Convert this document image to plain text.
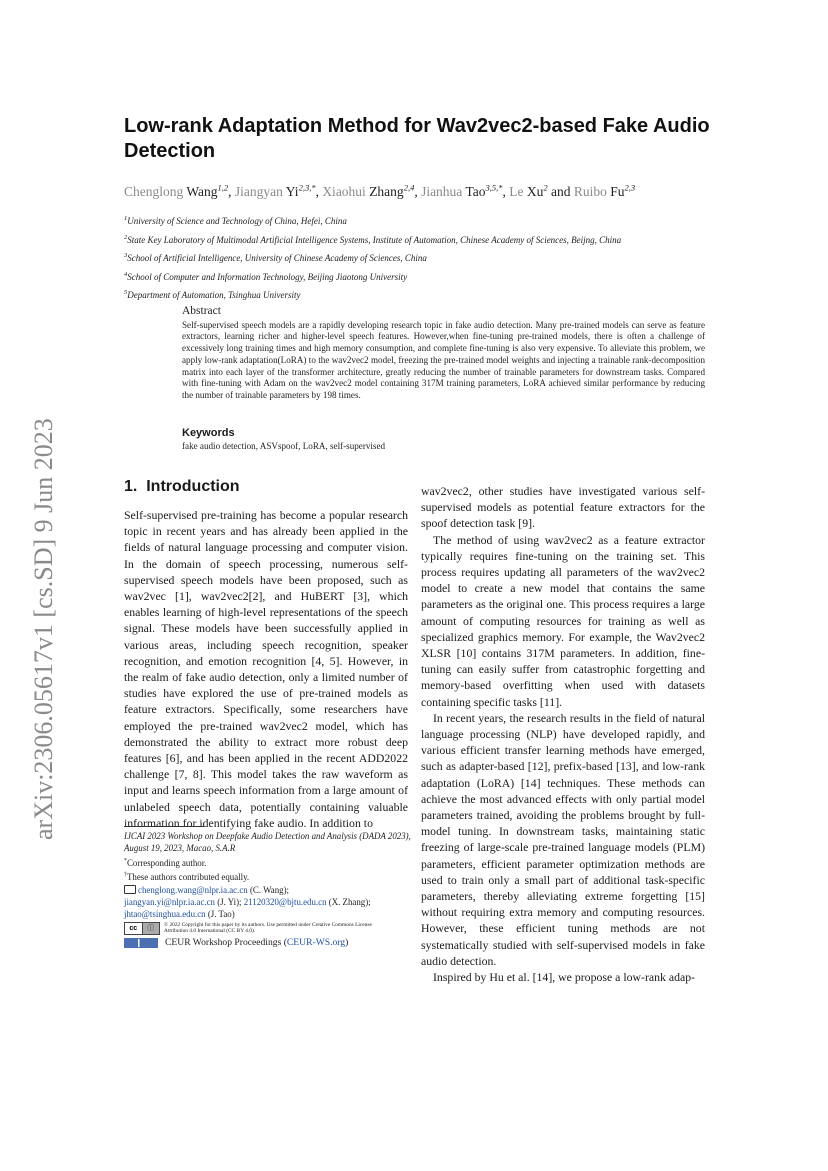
arXiv:2306.05617v1 [cs.SD] 9 Jun 2023
Low-rank Adaptation Method for Wav2vec2-based Fake Audio Detection
Chenglong Wang$^{1,2}$, Jiangyan $Yi^{2,3,*}$, Xiaohui Zhang$^{2,4}$, Jianhua Tao$^{3,5,*}$, Le Xu$^2$ and Ruibo Fu$^{2,3}$
$^1$University of Science and Technology of China, Hefei, China
$^2$State Key Laboratory of Multimodal Artificial Intelligence Systems, Institute of Automation, Chinese Academy of Sciences, Beijng, China
$^3$School of Artificial Intelligence, University of Chinese Academy of Sciences, China
$^4$School of Computer and Information Technology, Beijing Jiaotong University
$^5$Department of Automation, Tsinghua University
Abstract
Self-supervised speech models are a rapidly developing research topic in fake audio detection. Many pre-trained models can serve as feature extractors, learning richer and higher-level speech features. However,when fine-tuning pre-trained models, there is often a challenge of excessively long training times and high memory consumption, and complete fine-tuning is also very expensive. To alleviate this problem, we apply low-rank adaptation(LoRA) to the wav2vec2 model, freezing the pre-trained model weights and injecting a trainable rank-decomposition matrix into each layer of the transformer architecture, greatly reducing the number of trainable parameters for downstream tasks. Compared with fine-tuning with Adam on the wav2vec2 model containing 317M training parameters, LoRA achieved similar performance by reducing the number of trainable parameters by 198 times.
Keywords
fake audio detection, ASVspoof, LoRA, self-supervised
1. Introduction

Self-supervised pre-training has become a popular research topic in recent years and has already been applied in the fields of natural language processing and computer vision. In the domain of speech processing, numerous self-supervised speech models have been proposed, such as wav2vec [1], wav2vec2[2], and HuBERT [3], which enables learning of high-level representations of the speech signal. These models have been successfully applied in various areas, including speech recognition, speaker recognition, and emotion recognition [4, 5]. However, in the realm of fake audio detection, only a limited number of studies have explored the use of pre-trained models as feature extractors. Specifically, some researchers have employed the pre-trained wav2vec2 model, which has demonstrated the ability to extract more robust deep features [6], and has been applied in the recent ADD2022 challenge [7, 8]. This model takes the raw waveform as input and learns speech information from a large amount of unlabeled speech data, potentially containing valuable information for identifying fake audio. In addition to

wav2vec2, other studies have investigated various self-supervised models as potential feature extractors for the spoof detection task [9].

The method of using wav2vec2 as a feature extractor typically requires fine-tuning on the training set. This process requires updating all parameters of the wav2vec2 model to create a new model that contains the same parameters as the original one. This process requires a large amount of computing resources for training as well as specialized graphics memory. For example, the Wav2vec2 XLSR [10] contains 317M parameters. In addition, fine-tuning can easily suffer from catastrophic forgetting and memory-based overfitting when used with datasets containing specific tasks [11].

In recent years, the research results in the field of natural language processing (NLP) have developed rapidly, and various efficient transfer learning methods have emerged, such as adapter-based [12], prefix-based [13], and low-rank adaptation (LoRA) [14] techniques. These methods can achieve the most advanced effects with only partial model parameters trained, avoiding the problems brought by full-model tuning. In downstream tasks, maintaining static freezing of large-scale pre-trained language models (PLM) parameters, efficient parameter optimization methods are used to train only a small part of additional task-specific parameters, thereby alleviating extreme forgetting [15] without requiring extra memory and computing resources. However, these efficient tuning methods are not systematically studied with self-supervised models in fake audio detection.

Inspired by Hu et al. [14], we propose a low-rank adap-

IJCAI 2023 Workshop on Deepfake Audio Detection and Analysis (DADA 2023), August 19, 2023, Macao, S.A.R
*Corresponding author.
†These authors contributed equally.
chenglong.wang@nlpr.ia.ac.cn (C. Wang);
jiangyan.yi@nlpr.ia.ac.cn (J. Yi); 21120320@bjtu.edu.cn (X. Zhang);
jhtao@tsinghua.edu.cn (J. Tao)
cc	ⓘ	© 2022 Copyright for this paper by its authors. Use permitted under Creative Commons License
Attribution 4.0 International (CC BY 4.0).
CEUR Workshop Proceedings ( CEUR-WS.org )
